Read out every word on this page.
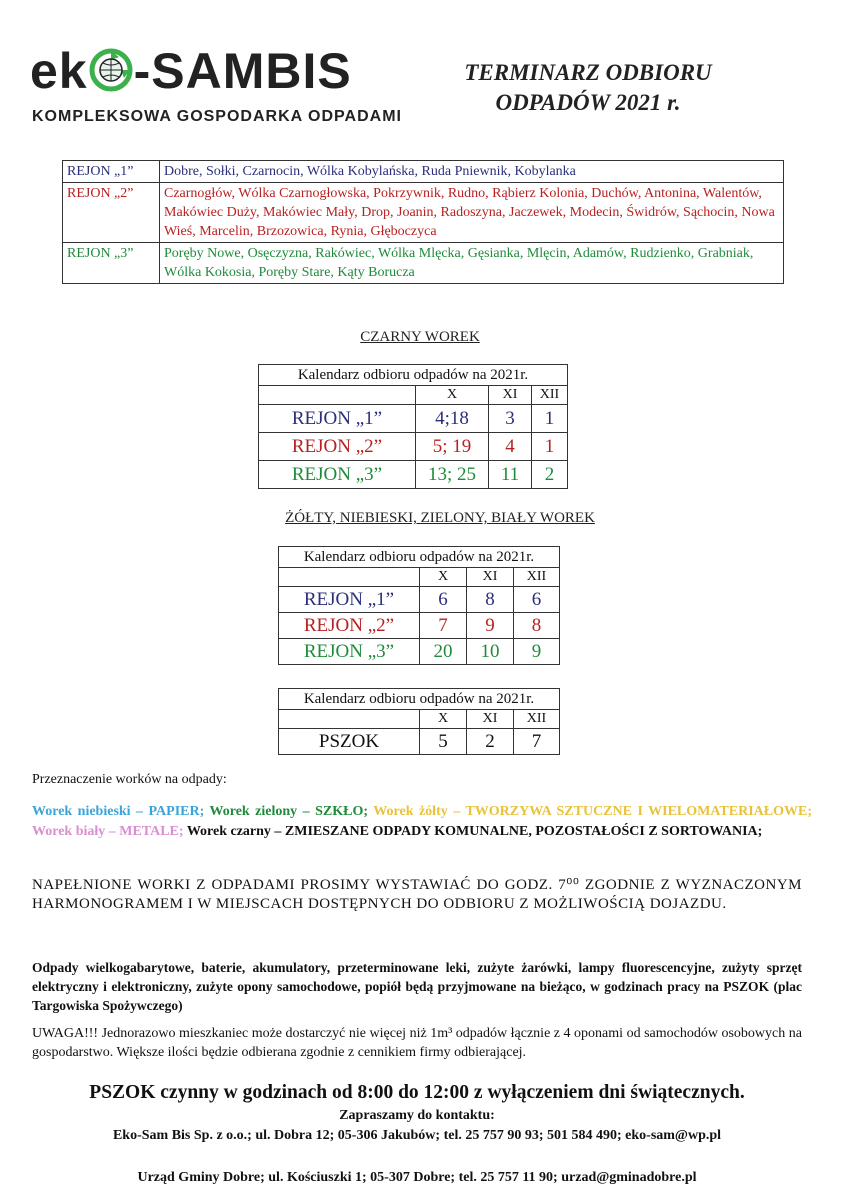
ek -SAMBIS
KOMPLEKSOWA GOSPODARKA ODPADAMI
TERMINARZ ODBIORU
ODPADÓW 2021 r.
REJON „1”	Dobre, Sołki, Czarnocin, Wólka Kobylańska, Ruda Pniewnik, Kobylanka
REJON „2”	Czarnogłów, Wólka Czarnogłowska, Pokrzywnik, Rudno, Rąbierz Kolonia, Duchów, Antonina, Walentów, Makówiec Duży, Makówiec Mały, Drop, Joanin, Radoszyna, Jaczewek, Modecin, Świdrów, Sąchocin, Nowa Wieś, Marcelin, Brzozowica, Rynia, Głęboczyca
REJON „3”	Poręby Nowe, Osęczyzna, Rakówiec, Wólka Mlęcka, Gęsianka, Mlęcin, Adamów, Rudzienko, Grabniak, Wólka Kokosia, Poręby Stare, Kąty Borucza
CZARNY WOREK
Kalendarz odbioru odpadów na 2021r.			
	X	XI	XII
REJON „1”	4;18	3	1
REJON „2”	5; 19	4	1
REJON „3”	13; 25	11	2
ŻÓŁTY, NIEBIESKI, ZIELONY, BIAŁY WOREK
Kalendarz odbioru odpadów na 2021r.			
	X	XI	XII
REJON „1”	6	8	6
REJON „2”	7	9	8
REJON „3”	20	10	9
Kalendarz odbioru odpadów na 2021r.			
	X	XI	XII
PSZOK	5	2	7
Przeznaczenie worków na odpady:
Worek niebieski – PAPIER; Worek zielony – SZKŁO; Worek żółty – TWORZYWA SZTUCZNE I WIELOMATERIAŁOWE; Worek biały – METALE; Worek czarny – ZMIESZANE ODPADY KOMUNALNE, POZOSTAŁOŚCI Z SORTOWANIA;
NAPEŁNIONE WORKI Z ODPADAMI PROSIMY WYSTAWIAĆ DO GODZ. 7⁰⁰ ZGODNIE Z WYZNACZONYM HARMONOGRAMEM I W MIEJSCACH DOSTĘPNYCH DO ODBIORU Z MOŻLIWOŚCIĄ DOJAZDU.
Odpady wielkogabarytowe, baterie, akumulatory, przeterminowane leki, zużyte żarówki, lampy fluorescencyjne, zużyty sprzęt elektryczny i elektroniczny, zużyte opony samochodowe, popiół będą przyjmowane na bieżąco, w godzinach pracy na PSZOK (plac Targowiska Spożywczego)
UWAGA!!! Jednorazowo mieszkaniec może dostarczyć nie więcej niż 1m³ odpadów łącznie z 4 oponami od samochodów osobowych na gospodarstwo. Większe ilości będzie odbierana zgodnie z cennikiem firmy odbierającej.
PSZOK czynny w godzinach od 8:00 do 12:00 z wyłączeniem dni świątecznych.
Zapraszamy do kontaktu:
Eko-Sam Bis Sp. z o.o.; ul. Dobra 12; 05-306 Jakubów; tel. 25 757 90 93; 501 584 490; eko-sam@wp.pl
Urząd Gminy Dobre; ul. Kościuszki 1; 05-307 Dobre; tel. 25 757 11 90; urzad@gminadobre.pl
